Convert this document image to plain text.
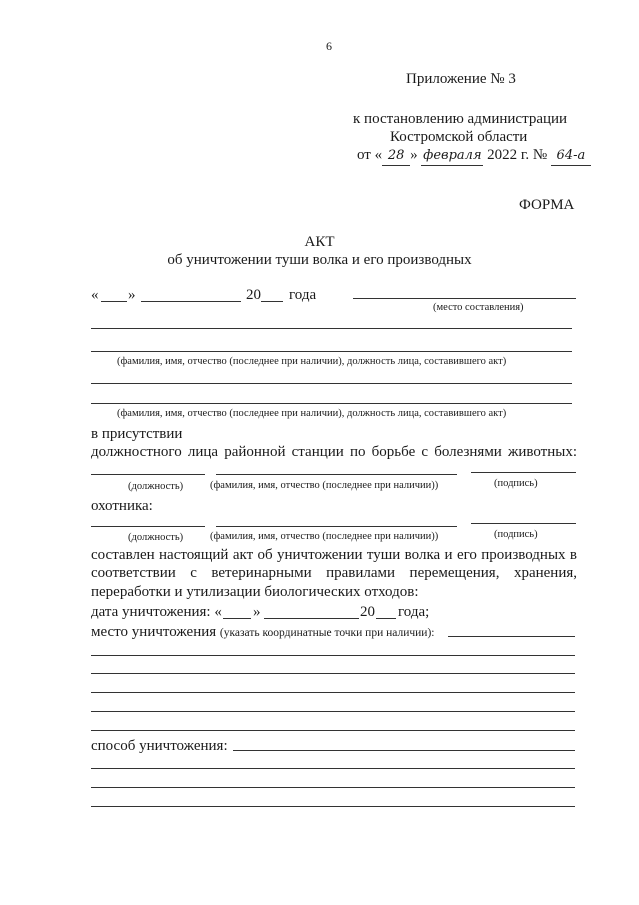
6
Приложение № 3
к постановлению администрации
Костромской области
от « 28 » февраля 2022 г. № 64-а
ФОРМА
АКТ
об уничтожении туши волка и его производных
« »	20 года
(место составления)
(фамилия, имя, отчество (последнее при наличии), должность лица, составившего акт)
(фамилия, имя, отчество (последнее при наличии), должность лица, составившего акт)
в присутствии
должностного лица районной станции по борьбе с болезнями животных:
(должность)	(фамилия, имя, отчество (последнее при наличии))	(подпись)
охотника:
(должность)	(фамилия, имя, отчество (последнее при наличии))	(подпись)
составлен настоящий акт об уничтожении туши волка и его производных в
соответствии с ветеринарными правилами перемещения, хранения,
переработки и утилизации биологических отходов:
дата уничтожения: « »	20 года;
место уничтожения (указать координатные точки при наличии):
способ уничтожения:
